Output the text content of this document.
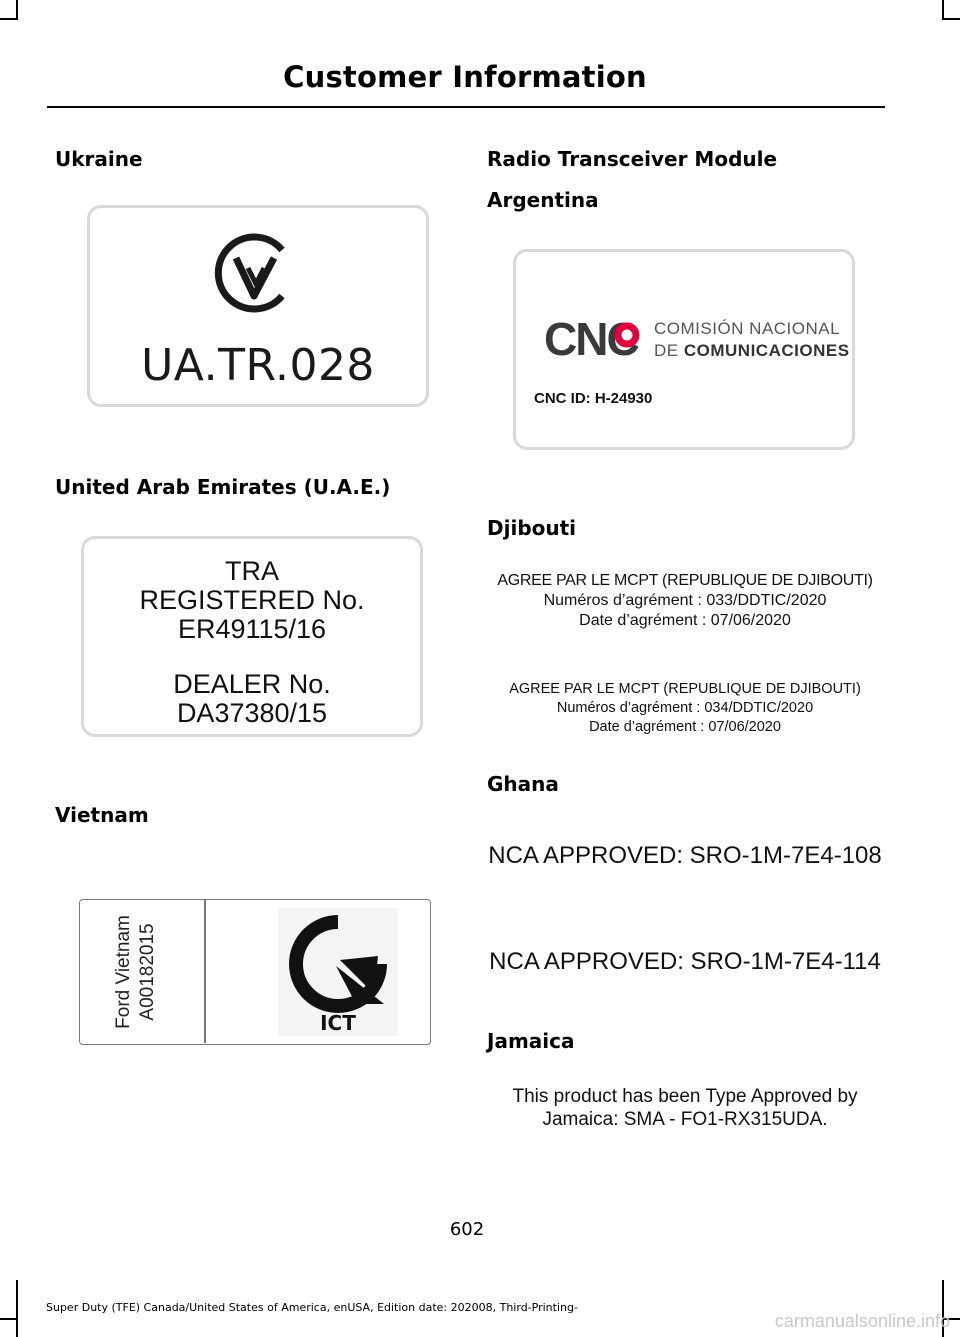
Customer Information
Ukraine
UA.TR.028
United Arab Emirates (U.A.E.)
TRA
REGISTERED No.
ER49115/16
DEALER No.
DA37380/15
Vietnam
Ford Vietnam A00182015
ICT
Radio Transceiver Module
Argentina
CNC COMISIÓN NACIONAL
DE COMUNICACIONES
CNC ID: H-24930
Djibouti
AGREE PAR LE MCPT (REPUBLIQUE DE DJIBOUTI)
Numéros d’agrément : 033/DDTIC/2020
Date d’agrément : 07/06/2020
AGREE PAR LE MCPT (REPUBLIQUE DE DJIBOUTI)
Numéros d’agrément : 034/DDTIC/2020
Date d’agrément : 07/06/2020
Ghana
NCA APPROVED: SRO-1M-7E4-108
NCA APPROVED: SRO-1M-7E4-114
Jamaica
This product has been Type Approved by
Jamaica: SMA - FO1-RX315UDA.
602
Super Duty (TFE) Canada/United States of America, enUSA, Edition date: 202008, Third-Printing-
carmanualsonline.info
